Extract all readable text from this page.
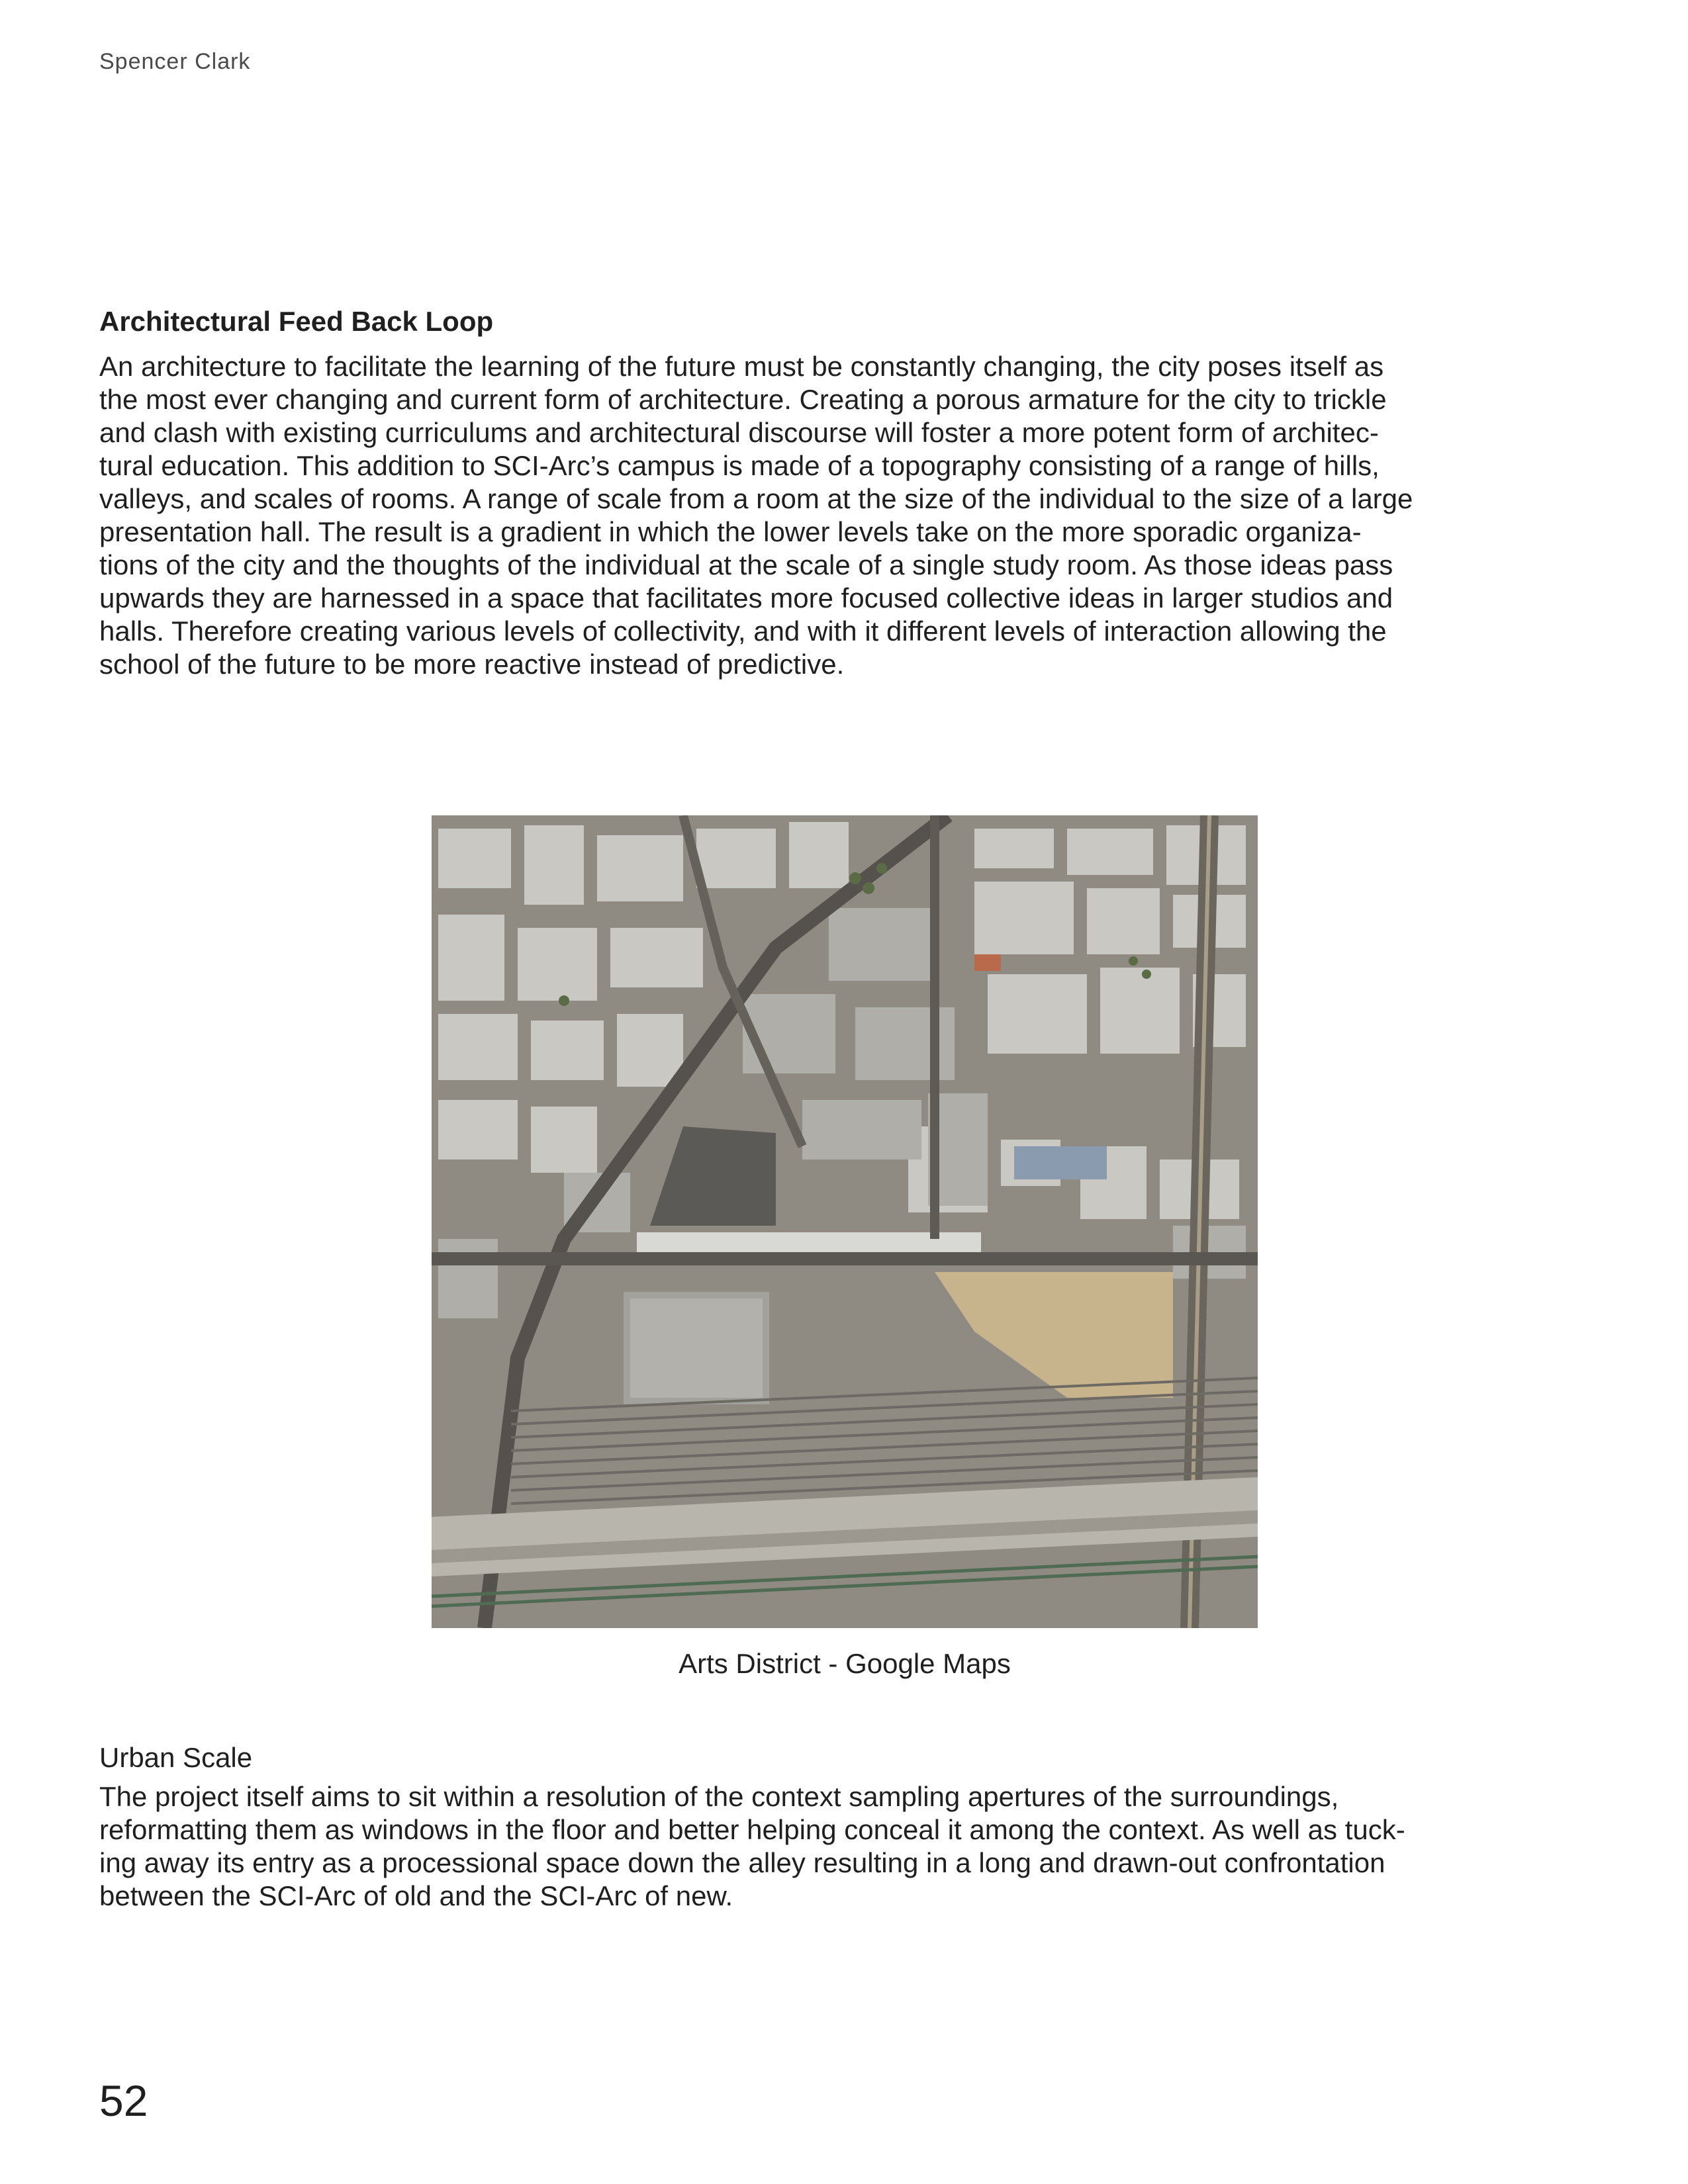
Spencer Clark
Architectural Feed Back Loop

An architecture to facilitate the learning of the future must be constantly changing, the city poses itself as
the most ever changing and current form of architecture. Creating a porous armature for the city to trickle
and clash with existing curriculums and architectural discourse will foster a more potent form of architec-
tural education. This addition to SCI-Arc’s campus is made of a topography consisting of a range of hills,
valleys, and scales of rooms. A range of scale from a room at the size of the individual to the size of a large
presentation hall. The result is a gradient in which the lower levels take on the more sporadic organiza-
tions of the city and the thoughts of the individual at the scale of a single study room. As those ideas pass
upwards they are harnessed in a space that facilitates more focused collective ideas in larger studios and
halls. Therefore creating various levels of collectivity, and with it different levels of interaction allowing the
school of the future to be more reactive instead of predictive.

Arts District - Google Maps
Urban Scale

The project itself aims to sit within a resolution of the context sampling apertures of the surroundings,
reformatting them as windows in the floor and better helping conceal it among the context. As well as tuck-
ing away its entry as a processional space down the alley resulting in a long and drawn-out confrontation
between the SCI-Arc of old and the SCI-Arc of new.

52
